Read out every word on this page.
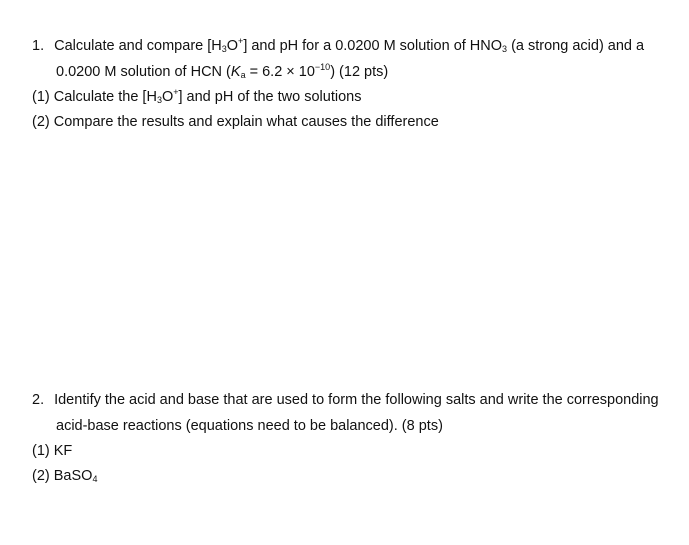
1. Calculate and compare $[H_3O^+]$ and pH for a 0.0200 M solution of $HNO_3$ (a strong acid) and a
0.0200 M solution of HCN $(K_a = 6.2 \times 10^{-10})$ (12 pts)
(1) Calculate the $[H_3O^+]$ and pH of the two solutions
(2) Compare the results and explain what causes the difference
2. Identify the acid and base that are used to form the following salts and write the corresponding
acid-base reactions (equations need to be balanced). (8 pts)
(1) KF
(2) BaSO$_4$
